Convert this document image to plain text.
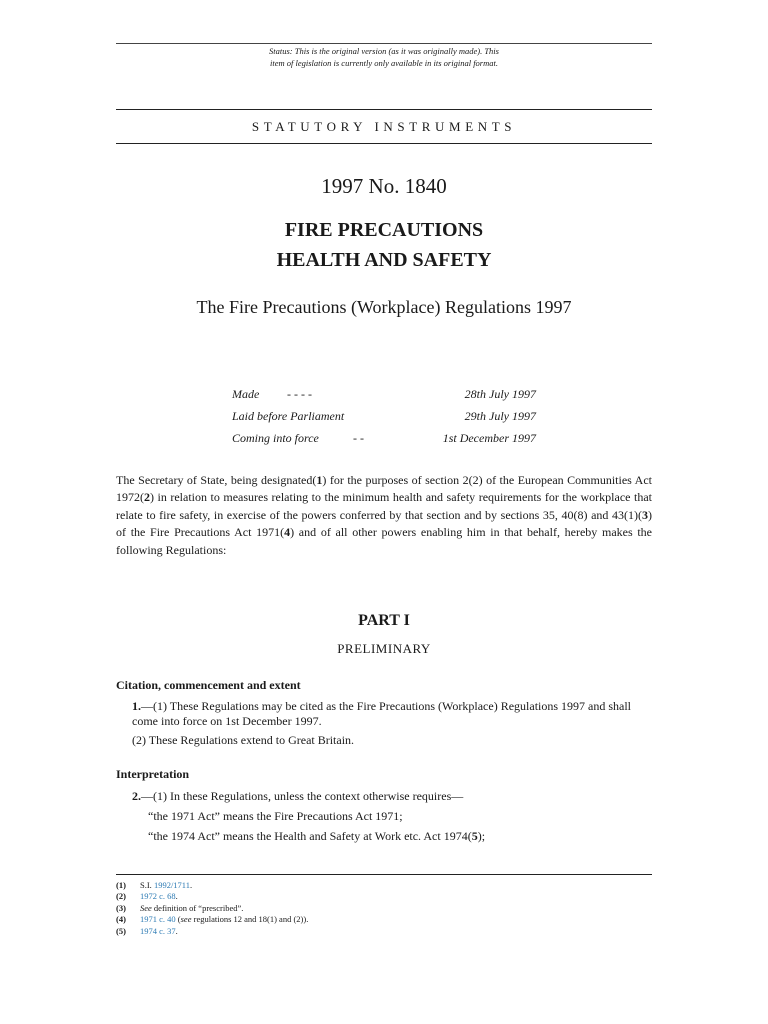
Status: This is the original version (as it was originally made). This
item of legislation is currently only available in its original format.
STATUTORY INSTRUMENTS
1997 No. 1840
FIRE PRECAUTIONS
HEALTH AND SAFETY
The Fire Precautions (Workplace) Regulations 1997
Made - - - -	28th July 1997
Laid before Parliament	29th July 1997
Coming into force	- -	1st December 1997
The Secretary of State, being designated(1) for the purposes of section 2(2) of the European Communities Act 1972(2) in relation to measures relating to the minimum health and safety requirements for the workplace that relate to fire safety, in exercise of the powers conferred by that section and by sections 35, 40(8) and 43(1)(3) of the Fire Precautions Act 1971(4) and of all other powers enabling him in that behalf, hereby makes the following Regulations:
PART I
PRELIMINARY
Citation, commencement and extent
1.—(1) These Regulations may be cited as the Fire Precautions (Workplace) Regulations 1997 and shall come into force on 1st December 1997.
(2) These Regulations extend to Great Britain.
Interpretation
2.—(1) In these Regulations, unless the context otherwise requires—
“the 1971 Act” means the Fire Precautions Act 1971;
“the 1974 Act” means the Health and Safety at Work etc. Act 1974(5);
(1) S.I. 1992/1711.
(2) 1972 c. 68.
(3) See definition of “prescribed”.
(4) 1971 c. 40 (see regulations 12 and 18(1) and (2)).
(5) 1974 c. 37.
